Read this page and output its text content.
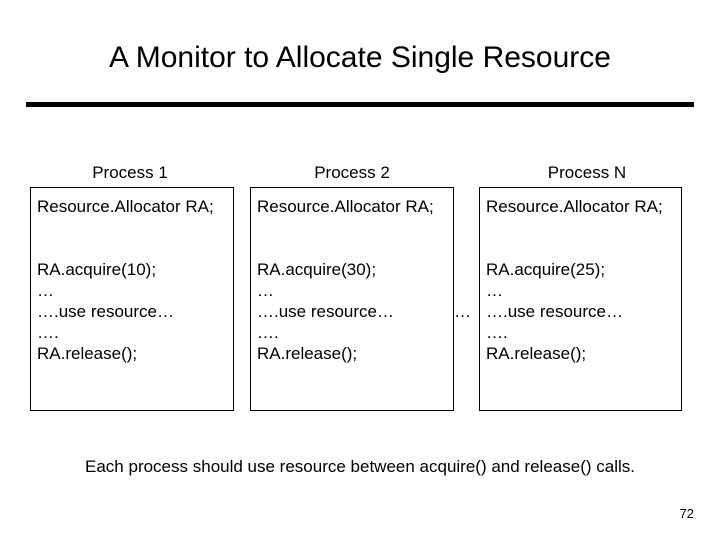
A Monitor to Allocate Single Resource
Process 1
Resource.Allocator RA;
RA.acquire(10);
…
….use resource…
….
RA.release();
Process 2
Resource.Allocator RA;
RA.acquire(30);
…
….use resource…
….
RA.release();
…
Process N
Resource.Allocator RA;
RA.acquire(25);
…
….use resource…
….
RA.release();
Each process should use resource between acquire() and release() calls.
72
